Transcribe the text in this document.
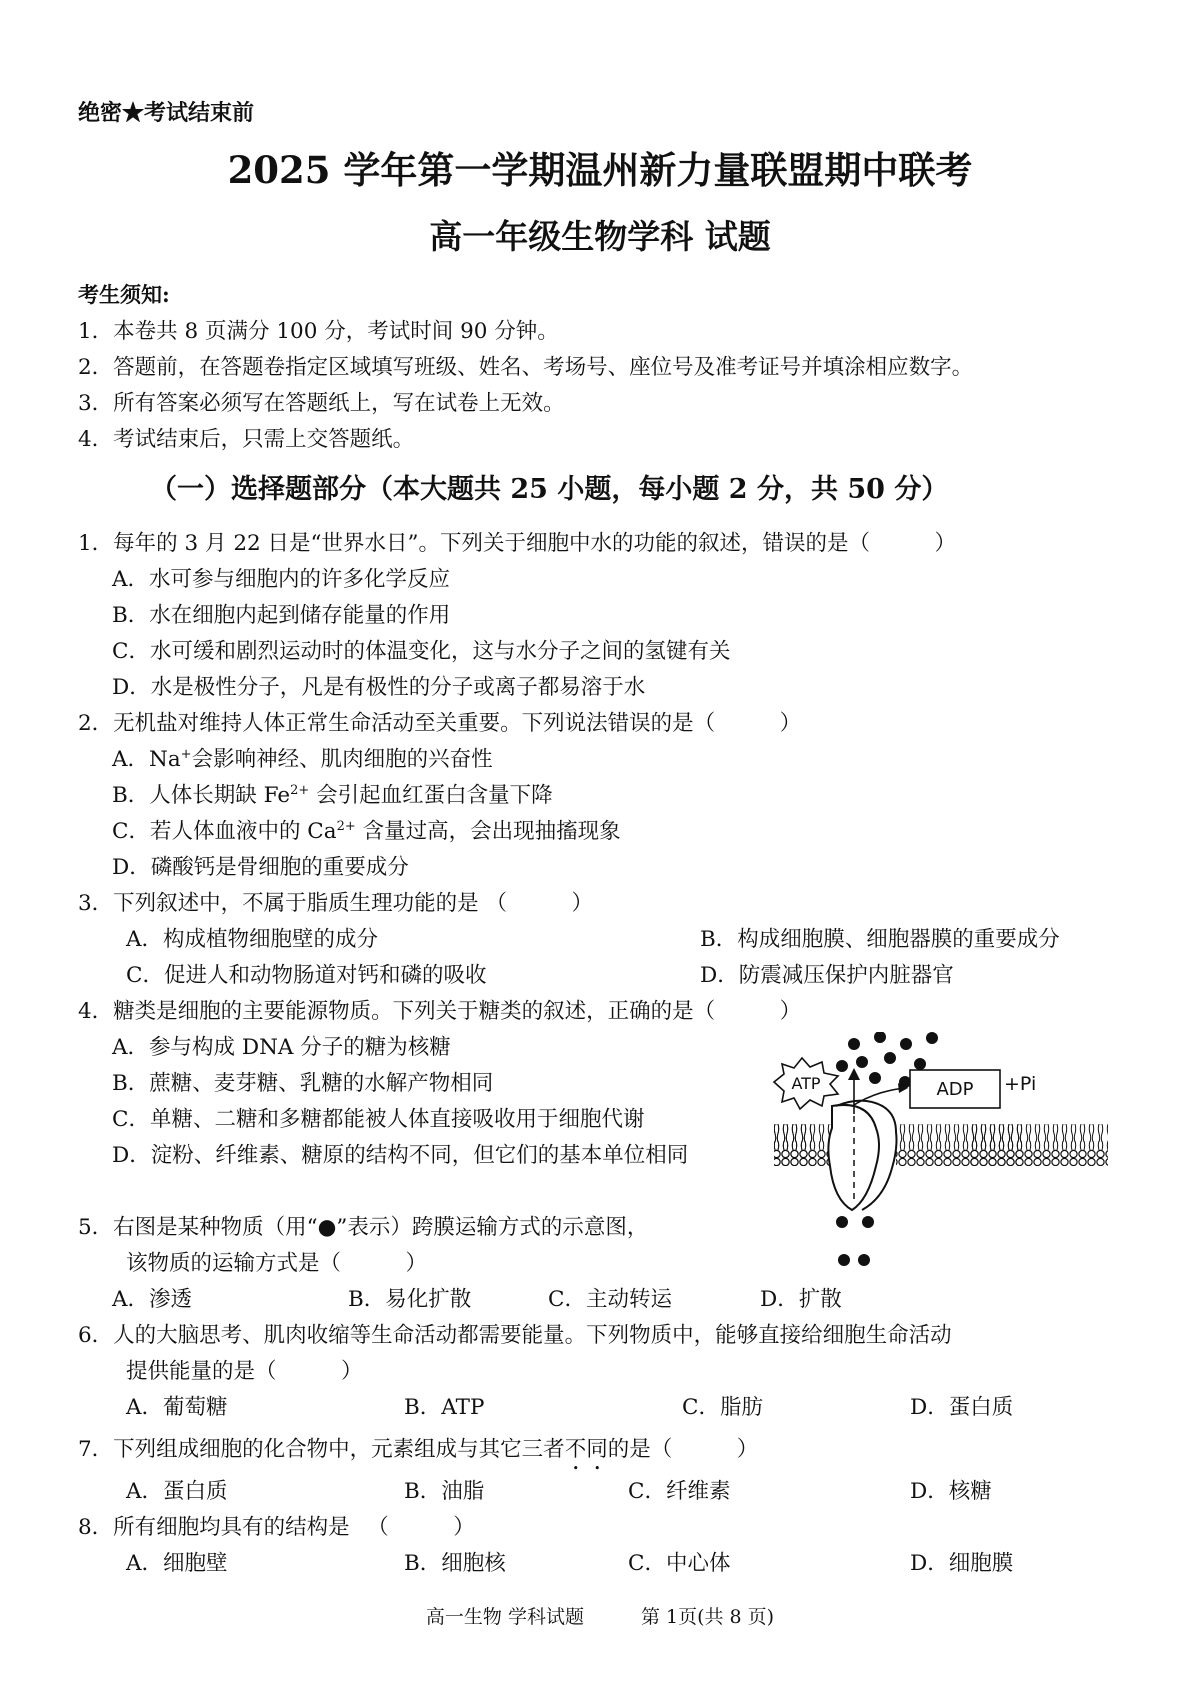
绝密★考试结束前
2025 学年第一学期温州新力量联盟期中联考
高一年级生物学科 试题
考生须知:
1．本卷共 8 页满分 100 分，考试时间 90 分钟。
2．答题前，在答题卷指定区域填写班级、姓名、考场号、座位号及准考证号并填涂相应数字。
3．所有答案必须写在答题纸上，写在试卷上无效。
4．考试结束后，只需上交答题纸。
（一）选择题部分（本大题共 25 小题，每小题 2 分，共 50 分）
1．每年的 3 月 22 日是“世界水日”。下列关于细胞中水的功能的叙述，错误的是（　　　）
A．水可参与细胞内的许多化学反应
B．水在细胞内起到储存能量的作用
C．水可缓和剧烈运动时的体温变化，这与水分子之间的氢键有关
D．水是极性分子，凡是有极性的分子或离子都易溶于水
2．无机盐对维持人体正常生命活动至关重要。下列说法错误的是（　　　）
A．Na+会影响神经、肌肉细胞的兴奋性
B．人体长期缺 $Fe^{2+}$ 会引起血红蛋白含量下降
C．若人体血液中的 $Ca^{2+}$ 含量过高，会出现抽搐现象
D．磷酸钙是骨细胞的重要成分
3．下列叙述中，不属于脂质生理功能的是 （　　　）
A．构成植物细胞壁的成分	B．构成细胞膜、细胞器膜的重要成分
C．促进人和动物肠道对钙和磷的吸收	D．防震减压保护内脏器官
4．糖类是细胞的主要能源物质。下列关于糖类的叙述，正确的是（　　　）
A．参与构成 DNA 分子的糖为核糖
B．蔗糖、麦芽糖、乳糖的水解产物相同
C．单糖、二糖和多糖都能被人体直接吸收用于细胞代谢
D．淀粉、纤维素、糖原的结构不同，但它们的基本单位相同
5．右图是某种物质（用“●”表示）跨膜运输方式的示意图，
该物质的运输方式是（　　　）
A．渗透	B．易化扩散	C．主动转运	D．扩散
6．人的大脑思考、肌肉收缩等生命活动都需要能量。下列物质中，能够直接给细胞生命活动
提供能量的是（　　　）
A．葡萄糖	B．ATP	C．脂肪	D．蛋白质
7．下列组成细胞的化合物中，元素组成与其它三者不同的是（　　　）
A．蛋白质	B．油脂	C．纤维素	D．核糖
8．所有细胞均具有的结构是 　（　　　）
A．细胞壁	B．细胞核	C．中心体	D．细胞膜
ATP	ADP +Pi
高一生物 学科试题　　　第 1页(共 8 页)
